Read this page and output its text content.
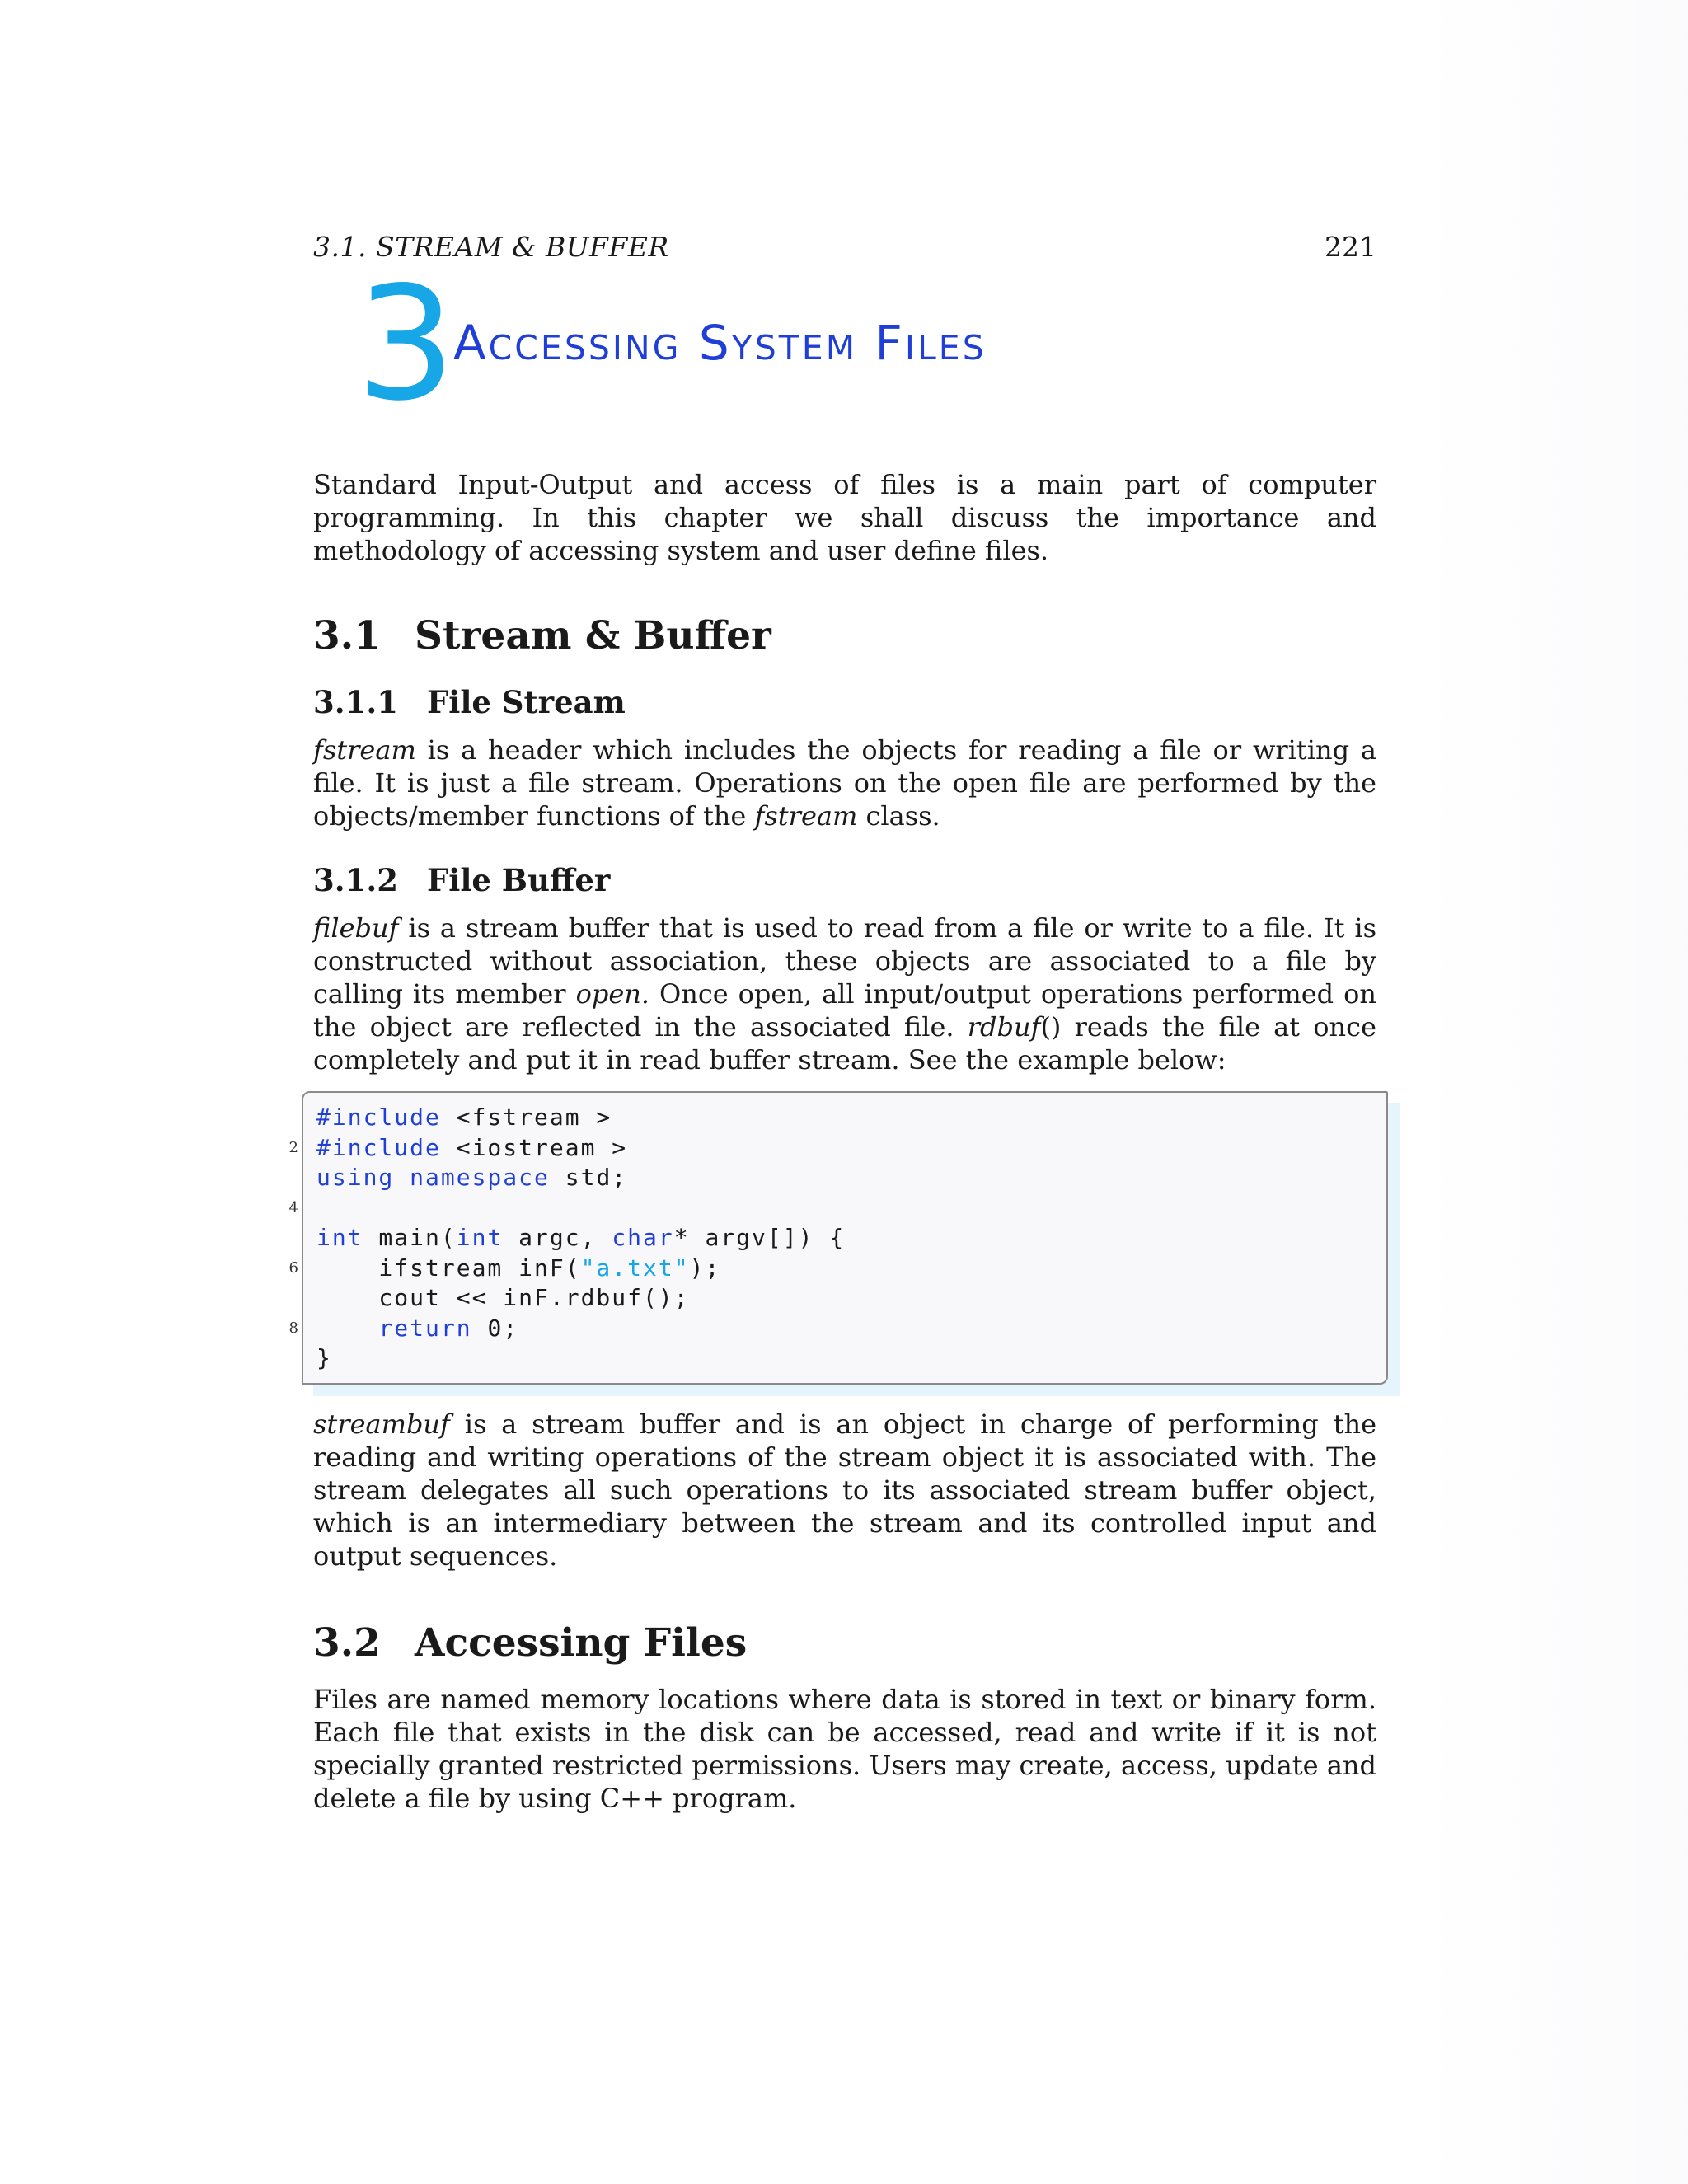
3.1. STREAM & BUFFER	221
3
Accessing System Files

Standard Input-Output and access of files is a main part of computer programming. In this chapter we shall discuss the importance and methodology of accessing system and user define files.

3.1 Stream & Buffer
3.1.1 File Stream

fstream is a header which includes the objects for reading a file or writing a file. It is just a file stream. Operations on the open file are performed by the objects/member functions of the fstream class.

3.1.2 File Buffer

filebuf is a stream buffer that is used to read from a file or write to a file. It is constructed without association, these objects are associated to a file by calling its member open. Once open, all input/output operations performed on the object are reflected in the associated file. rdbuf() reads the file at once completely and put it in read buffer stream. See the example below:

#include <fstream >
2 #include <iostream >
using namespace std;
4
int main(int argc, char* argv[]) {
6 ifstream inF("a.txt");
cout << inF.rdbuf();
8	return 0;
}

streambuf is a stream buffer and is an object in charge of performing the reading and writing operations of the stream object it is associated with. The stream delegates all such operations to its associated stream buffer object, which is an intermediary between the stream and its controlled input and output sequences.

3.2 Accessing Files

Files are named memory locations where data is stored in text or binary form. Each file that exists in the disk can be accessed, read and write if it is not specially granted restricted permissions. Users may create, access, update and delete a file by using C++ program.
